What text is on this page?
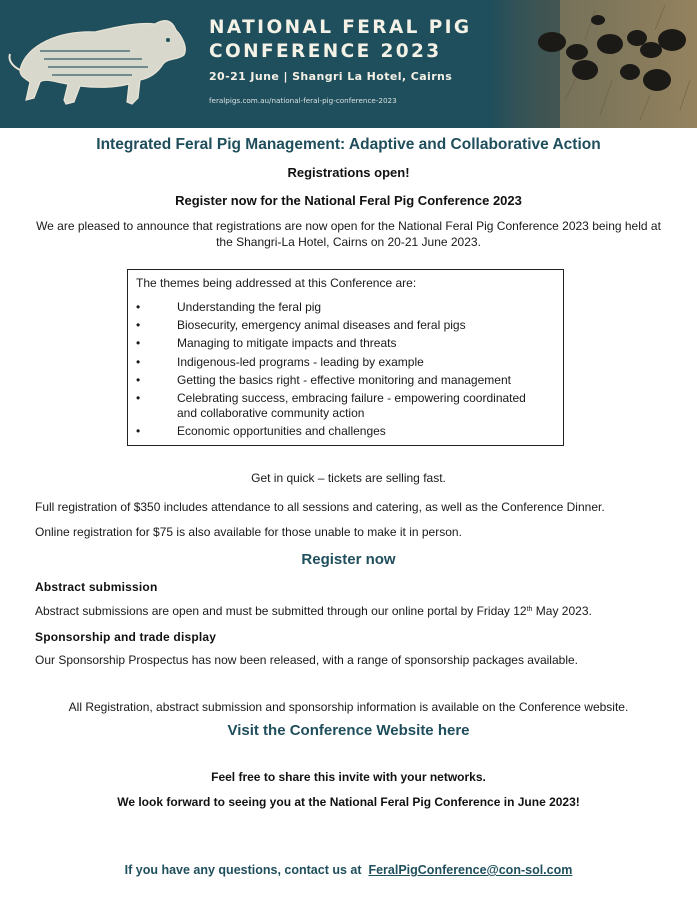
NATIONAL FERAL PIG
CONFERENCE 2023

20-21 June | Shangri La Hotel, Cairns

feralpigs.com.au/national-feral-pig-conference-2023

Integrated Feral Pig Management: Adaptive and Collaborative Action

Registrations open!

Register now for the National Feral Pig Conference 2023

We are pleased to announce that registrations are now open for the National Feral Pig Conference 2023 being held at
the Shangri-La Hotel, Cairns on 20-21 June 2023.

The themes being addressed at this Conference are:

•	Understanding the feral pig
•	Biosecurity, emergency animal diseases and feral pigs
•	Managing to mitigate impacts and threats
•	Indigenous-led programs - leading by example
•	Getting the basics right - effective monitoring and management
•	Celebrating success, embracing failure - empowering coordinated and collaborative community action
•	Economic opportunities and challenges

Get in quick – tickets are selling fast.

Full registration of $350 includes attendance to all sessions and catering, as well as the Conference Dinner.

Online registration for $75 is also available for those unable to make it in person.

Register now

Abstract submission

Abstract submissions are open and must be submitted through our online portal by Friday 12th May 2023.

Sponsorship and trade display

Our Sponsorship Prospectus has now been released, with a range of sponsorship packages available.

All Registration, abstract submission and sponsorship information is available on the Conference website.

Visit the Conference Website here

Feel free to share this invite with your networks.

We look forward to seeing you at the National Feral Pig Conference in June 2023!

If you have any questions, contact us at FeralPigConference@con-sol.com
